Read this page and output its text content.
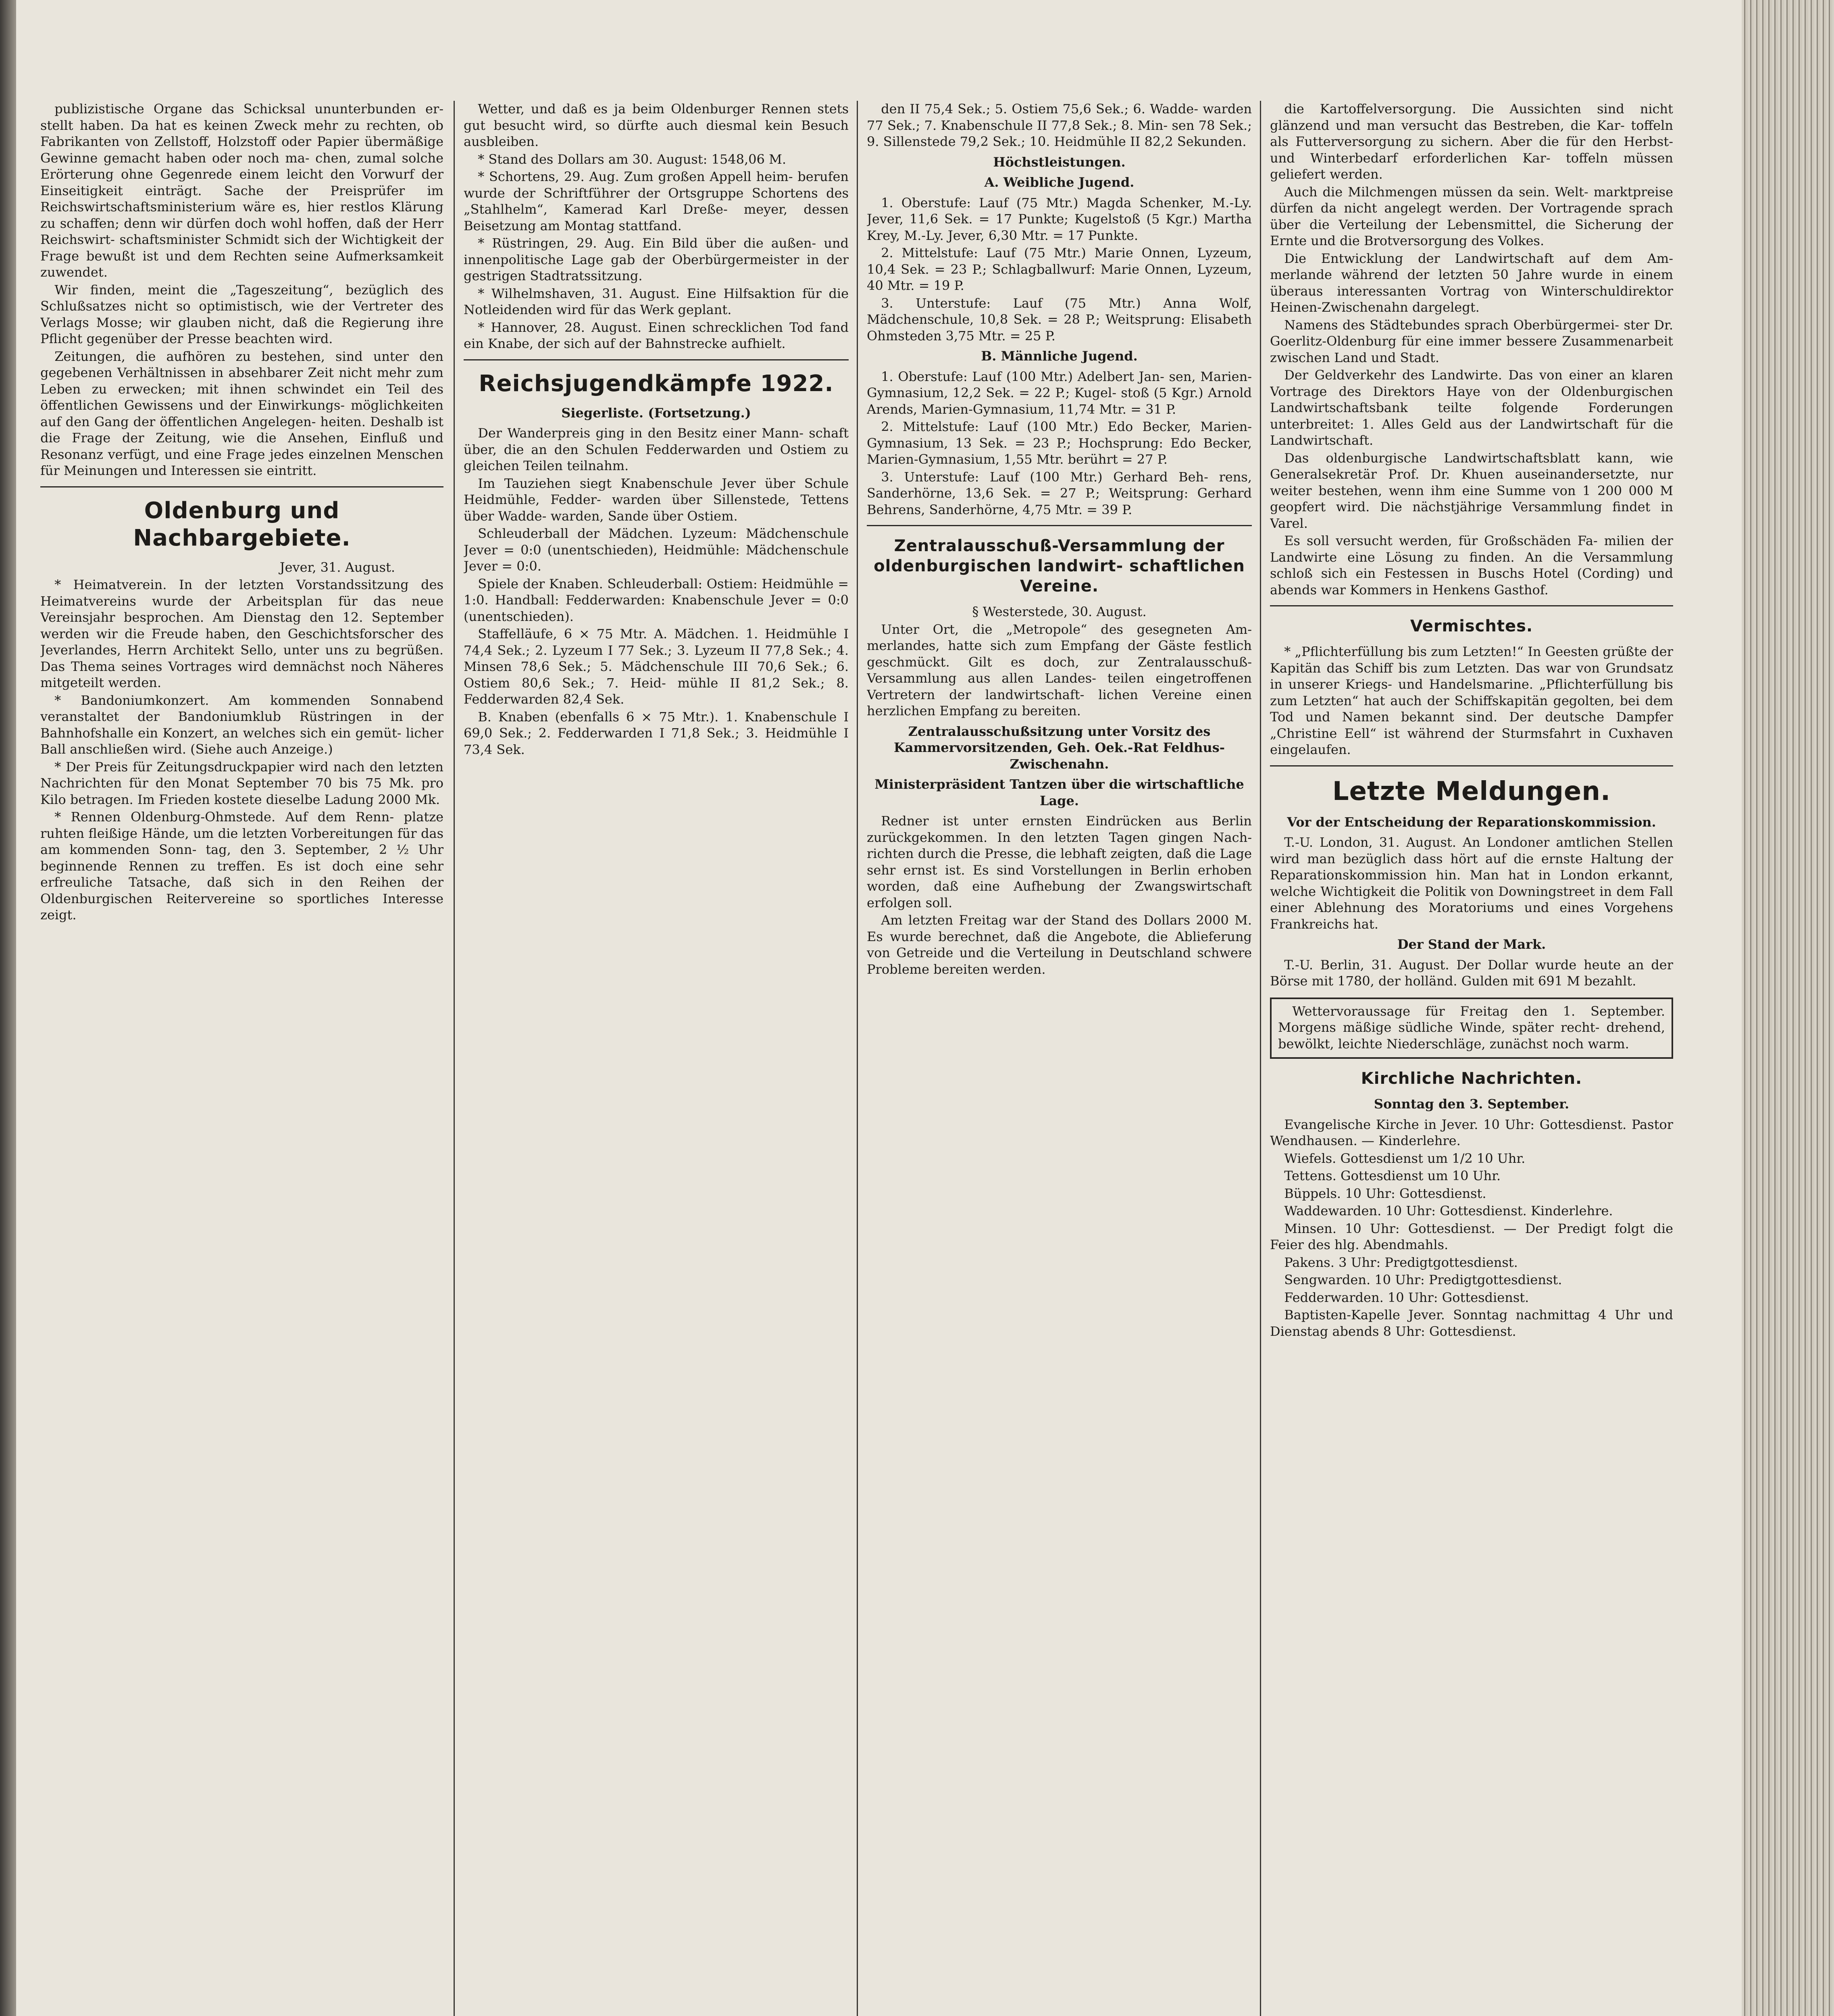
publizistische Organe das Schicksal ununterbunden er- stellt haben. Da hat es keinen Zweck mehr zu rechten, ob Fabrikanten von Zellstoff, Holzstoff oder Papier übermäßige Gewinne gemacht haben oder noch ma- chen, zumal solche Erörterung ohne Gegenrede einem leicht den Vorwurf der Einseitigkeit einträgt. Sache der Preisprüfer im Reichswirtschaftsministerium wäre es, hier restlos Klärung zu schaffen; denn wir dürfen doch wohl hoffen, daß der Herr Reichswirt- schaftsminister Schmidt sich der Wichtigkeit der Frage bewußt ist und dem Rechten seine Aufmerksamkeit zuwendet.

Wir finden, meint die „Tageszeitung“, bezüglich des Schlußsatzes nicht so optimistisch, wie der Vertreter des Verlags Mosse; wir glauben nicht, daß die Regierung ihre Pflicht gegenüber der Presse beachten wird.

Zeitungen, die aufhören zu bestehen, sind unter den gegebenen Verhältnissen in absehbarer Zeit nicht mehr zum Leben zu erwecken; mit ihnen schwindet ein Teil des öffentlichen Gewissens und der Einwirkungs- möglichkeiten auf den Gang der öffentlichen Angelegen- heiten. Deshalb ist die Frage der Zeitung, wie die Ansehen, Einfluß und Resonanz verfügt, und eine Frage jedes einzelnen Menschen für Meinungen und Interessen sie eintritt.

Oldenburg und Nachbargebiete.

Jever, 31. August.

* Heimatverein. In der letzten Vorstandssitzung des Heimatvereins wurde der Arbeitsplan für das neue Vereinsjahr besprochen. Am Dienstag den 12. September werden wir die Freude haben, den Geschichtsforscher des Jeverlandes, Herrn Architekt Sello, unter uns zu begrüßen. Das Thema seines Vortrages wird demnächst noch Näheres mitgeteilt werden.

* Bandoniumkonzert. Am kommenden Sonnabend veranstaltet der Bandoniumklub Rüstringen in der Bahnhofshalle ein Konzert, an welches sich ein gemüt- licher Ball anschließen wird. (Siehe auch Anzeige.)

* Der Preis für Zeitungsdruckpapier wird nach den letzten Nachrichten für den Monat September 70 bis 75 Mk. pro Kilo betragen. Im Frieden kostete dieselbe Ladung 2000 Mk.

* Rennen Oldenburg-Ohmstede. Auf dem Renn- platze ruhten fleißige Hände, um die letzten Vorbereitungen für das am kommenden Sonn- tag, den 3. September, 2 ½ Uhr beginnende Rennen zu treffen. Es ist doch eine sehr erfreuliche Tatsache, daß sich in den Reihen der Oldenburgischen Reitervereine so sportliches Interesse zeigt.

Wetter, und daß es ja beim Oldenburger Rennen stets gut besucht wird, so dürfte auch diesmal kein Besuch ausbleiben.

* Stand des Dollars am 30. August: 1548,06 M.

* Schortens, 29. Aug. Zum großen Appell heim- berufen wurde der Schriftführer der Ortsgruppe Schortens des „Stahlhelm“, Kamerad Karl Dreße- meyer, dessen Beisetzung am Montag stattfand.

* Rüstringen, 29. Aug. Ein Bild über die außen- und innenpolitische Lage gab der Oberbürgermeister in der gestrigen Stadtratssitzung.

* Wilhelmshaven, 31. August. Eine Hilfsaktion für die Notleidenden wird für das Werk geplant.

* Hannover, 28. August. Einen schrecklichen Tod fand ein Knabe, der sich auf der Bahnstrecke aufhielt.

Reichsjugendkämpfe 1922.

Siegerliste. (Fortsetzung.)

Der Wanderpreis ging in den Besitz einer Mann- schaft über, die an den Schulen Fedderwarden und Ostiem zu gleichen Teilen teilnahm.

Im Tauziehen siegt Knabenschule Jever über Schule Heidmühle, Fedder- warden über Sillenstede, Tettens über Wadde- warden, Sande über Ostiem.

Schleuderball der Mädchen. Lyzeum: Mädchenschule Jever = 0:0 (unentschieden), Heidmühle: Mädchenschule Jever = 0:0.

Spiele der Knaben. Schleuderball: Ostiem: Heidmühle = 1:0. Handball: Fedderwarden: Knabenschule Jever = 0:0 (unentschieden).

Staffelläufe, 6 × 75 Mtr. A. Mädchen. 1. Heidmühle I 74,4 Sek.; 2. Lyzeum I 77 Sek.; 3. Lyzeum II 77,8 Sek.; 4. Minsen 78,6 Sek.; 5. Mädchenschule III 70,6 Sek.; 6. Ostiem 80,6 Sek.; 7. Heid- mühle II 81,2 Sek.; 8. Fedderwarden 82,4 Sek.

B. Knaben (ebenfalls 6 × 75 Mtr.). 1. Knabenschule I 69,0 Sek.; 2. Fedderwarden I 71,8 Sek.; 3. Heidmühle I 73,4 Sek.

den II 75,4 Sek.; 5. Ostiem 75,6 Sek.; 6. Wadde- warden 77 Sek.; 7. Knabenschule II 77,8 Sek.; 8. Min- sen 78 Sek.; 9. Sillenstede 79,2 Sek.; 10. Heidmühle II 82,2 Sekunden.

Höchstleistungen.

A. Weibliche Jugend.

1. Oberstufe: Lauf (75 Mtr.) Magda Schenker, M.-Ly. Jever, 11,6 Sek. = 17 Punkte; Kugelstoß (5 Kgr.) Martha Krey, M.-Ly. Jever, 6,30 Mtr. = 17 Punkte.

2. Mittelstufe: Lauf (75 Mtr.) Marie Onnen, Lyzeum, 10,4 Sek. = 23 P.; Schlagballwurf: Marie Onnen, Lyzeum, 40 Mtr. = 19 P.

3. Unterstufe: Lauf (75 Mtr.) Anna Wolf, Mädchenschule, 10,8 Sek. = 28 P.; Weitsprung: Elisabeth Ohmsteden 3,75 Mtr. = 25 P.

B. Männliche Jugend.

1. Oberstufe: Lauf (100 Mtr.) Adelbert Jan- sen, Marien-Gymnasium, 12,2 Sek. = 22 P.; Kugel- stoß (5 Kgr.) Arnold Arends, Marien-Gymnasium, 11,74 Mtr. = 31 P.

2. Mittelstufe: Lauf (100 Mtr.) Edo Becker, Marien-Gymnasium, 13 Sek. = 23 P.; Hochsprung: Edo Becker, Marien-Gymnasium, 1,55 Mtr. berührt = 27 P.

3. Unterstufe: Lauf (100 Mtr.) Gerhard Beh- rens, Sanderhörne, 13,6 Sek. = 27 P.; Weitsprung: Gerhard Behrens, Sanderhörne, 4,75 Mtr. = 39 P.

Zentralausschuß-Versammlung der oldenburgischen landwirt- schaftlichen Vereine.

§ Westerstede, 30. August.

Unter Ort, die „Metropole“ des gesegneten Am- merlandes, hatte sich zum Empfang der Gäste festlich geschmückt. Gilt es doch, zur Zentralausschuß-Versammlung aus allen Landes- teilen eingetroffenen Vertretern der landwirtschaft- lichen Vereine einen herzlichen Empfang zu bereiten.

Zentralausschußsitzung unter Vorsitz des Kammervorsitzenden, Geh. Oek.-Rat Feldhus-Zwischenahn.

Ministerpräsident Tantzen über die wirtschaftliche Lage.

Redner ist unter ernsten Eindrücken aus Berlin zurückgekommen. In den letzten Tagen gingen Nach- richten durch die Presse, die lebhaft zeigten, daß die Lage sehr ernst ist. Es sind Vorstellungen in Berlin erhoben worden, daß eine Aufhebung der Zwangswirtschaft erfolgen soll.

Am letzten Freitag war der Stand des Dollars 2000 M. Es wurde berechnet, daß die Angebote, die Ablieferung von Getreide und die Verteilung in Deutschland schwere Probleme bereiten werden.

die Kartoffelversorgung. Die Aussichten sind nicht glänzend und man versucht das Bestreben, die Kar- toffeln als Futterversorgung zu sichern. Aber die für den Herbst- und Winterbedarf erforderlichen Kar- toffeln müssen geliefert werden.

Auch die Milchmengen müssen da sein. Welt- marktpreise dürfen da nicht angelegt werden. Der Vortragende sprach über die Verteilung der Lebensmittel, die Sicherung der Ernte und die Brotversorgung des Volkes.

Die Entwicklung der Landwirtschaft auf dem Am- merlande während der letzten 50 Jahre wurde in einem überaus interessanten Vortrag von Winterschuldirektor Heinen-Zwischenahn dargelegt.

Namens des Städtebundes sprach Oberbürgermei- ster Dr. Goerlitz-Oldenburg für eine immer bessere Zusammenarbeit zwischen Land und Stadt.

Der Geldverkehr des Landwirte. Das von einer an klaren Vortrage des Direktors Haye von der Oldenburgischen Landwirtschaftsbank teilte folgende Forderungen unterbreitet: 1. Alles Geld aus der Landwirtschaft für die Landwirtschaft.

Das oldenburgische Landwirtschaftsblatt kann, wie Generalsekretär Prof. Dr. Khuen auseinandersetzte, nur weiter bestehen, wenn ihm eine Summe von 1 200 000 M geopfert wird. Die nächstjährige Versammlung findet in Varel.

Es soll versucht werden, für Großschäden Fa- milien der Landwirte eine Lösung zu finden. An die Versammlung schloß sich ein Festessen in Buschs Hotel (Cording) und abends war Kommers in Henkens Gasthof.

Vermischtes.

* „Pflichterfüllung bis zum Letzten!“ In Geesten grüßte der Kapitän das Schiff bis zum Letzten. Das war von Grundsatz in unserer Kriegs- und Handelsmarine. „Pflichterfüllung bis zum Letzten“ hat auch der Schiffskapitän gegolten, bei dem Tod und Namen bekannt sind. Der deutsche Dampfer „Christine Eell“ ist während der Sturmsfahrt in Cuxhaven eingelaufen.

Letzte Meldungen.

Vor der Entscheidung der Reparationskommission.

T.-U. London, 31. August. An Londoner amtlichen Stellen wird man bezüglich dass hört auf die ernste Haltung der Reparationskommission hin. Man hat in London erkannt, welche Wichtigkeit die Politik von Downingstreet in dem Fall einer Ablehnung des Moratoriums und eines Vorgehens Frankreichs hat.

Der Stand der Mark.

T.-U. Berlin, 31. August. Der Dollar wurde heute an der Börse mit 1780, der holländ. Gulden mit 691 M bezahlt.

Wettervoraussage für Freitag den 1. September. Morgens mäßige südliche Winde, später recht- drehend, bewölkt, leichte Niederschläge, zunächst noch warm.

Kirchliche Nachrichten.

Sonntag den 3. September.

Evangelische Kirche in Jever. 10 Uhr: Gottesdienst. Pastor Wendhausen. — Kinderlehre.

Wiefels. Gottesdienst um 1/2 10 Uhr.

Tettens. Gottesdienst um 10 Uhr.

Büppels. 10 Uhr: Gottesdienst.

Waddewarden. 10 Uhr: Gottesdienst. Kinderlehre.

Minsen. 10 Uhr: Gottesdienst. — Der Predigt folgt die Feier des hlg. Abendmahls.

Pakens. 3 Uhr: Predigtgottesdienst.

Sengwarden. 10 Uhr: Predigtgottesdienst.

Fedderwarden. 10 Uhr: Gottesdienst.

Baptisten-Kapelle Jever. Sonntag nachmittag 4 Uhr und Dienstag abends 8 Uhr: Gottesdienst.
